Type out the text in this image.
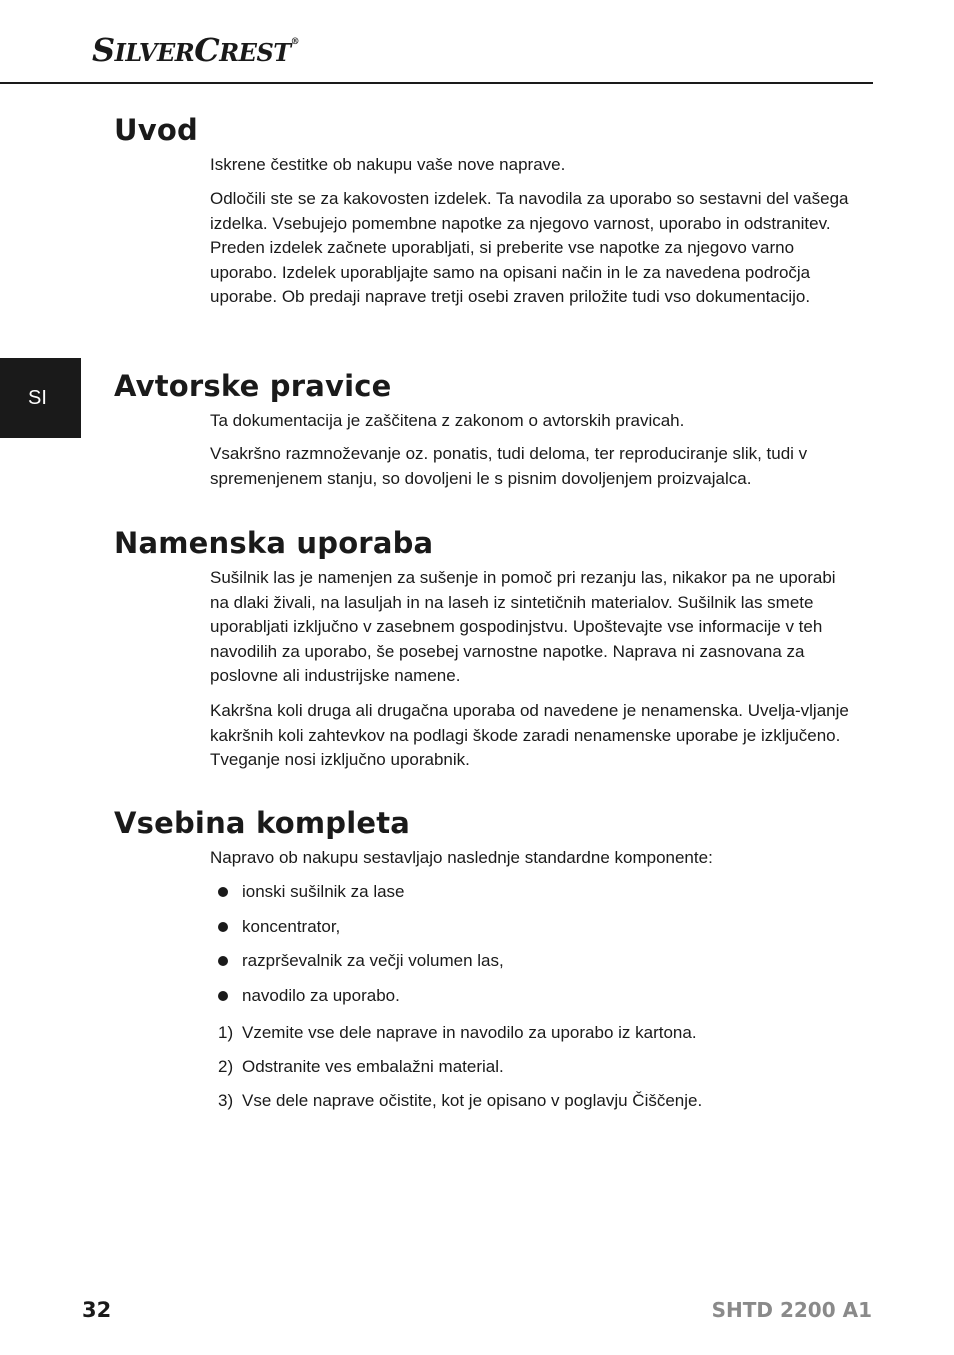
SILVERCREST®
SI
Uvod

Iskrene čestitke ob nakupu vaše nove naprave.

Odločili ste se za kakovosten izdelek. Ta navodila za uporabo so sestavni del vašega izdelka. Vsebujejo pomembne napotke za njegovo varnost, uporabo in odstranitev. Preden izdelek začnete uporabljati, si preberite vse napotke za njegovo varno uporabo. Izdelek uporabljajte samo na opisani način in le za navedena področja uporabe. Ob predaji naprave tretji osebi zraven priložite tudi vso dokumentacijo.

Avtorske pravice

Ta dokumentacija je zaščitena z zakonom o avtorskih pravicah.

Vsakršno razmnoževanje oz. ponatis, tudi deloma, ter reproduciranje slik, tudi v spremenjenem stanju, so dovoljeni le s pisnim dovoljenjem proizvajalca.

Namenska uporaba

Sušilnik las je namenjen za sušenje in pomoč pri rezanju las, nikakor pa ne uporabi na dlaki živali, na lasuljah in na laseh iz sintetičnih materialov. Sušilnik las smete uporabljati izključno v zasebnem gospodinjstvu. Upoštevajte vse informacije v teh navodilih za uporabo, še posebej varnostne napotke. Naprava ni zasnovana za poslovne ali industrijske namene.

Kakršna koli druga ali drugačna uporaba od navedene je nenamenska. Uvelja-vljanje kakršnih koli zahtevkov na podlagi škode zaradi nenamenske uporabe je izključeno. Tveganje nosi izključno uporabnik.

Vsebina kompleta

Napravo ob nakupu sestavljajo naslednje standardne komponente:

ionski sušilnik za lase
koncentrator,
razprševalnik za večji volumen las,
navodilo za uporabo.
1) Vzemite vse dele naprave in navodilo za uporabo iz kartona.
2) Odstranite ves embalažni material.
3) Vse dele naprave očistite, kot je opisano v poglavju Čiščenje.
32	SHTD 2200 A1
